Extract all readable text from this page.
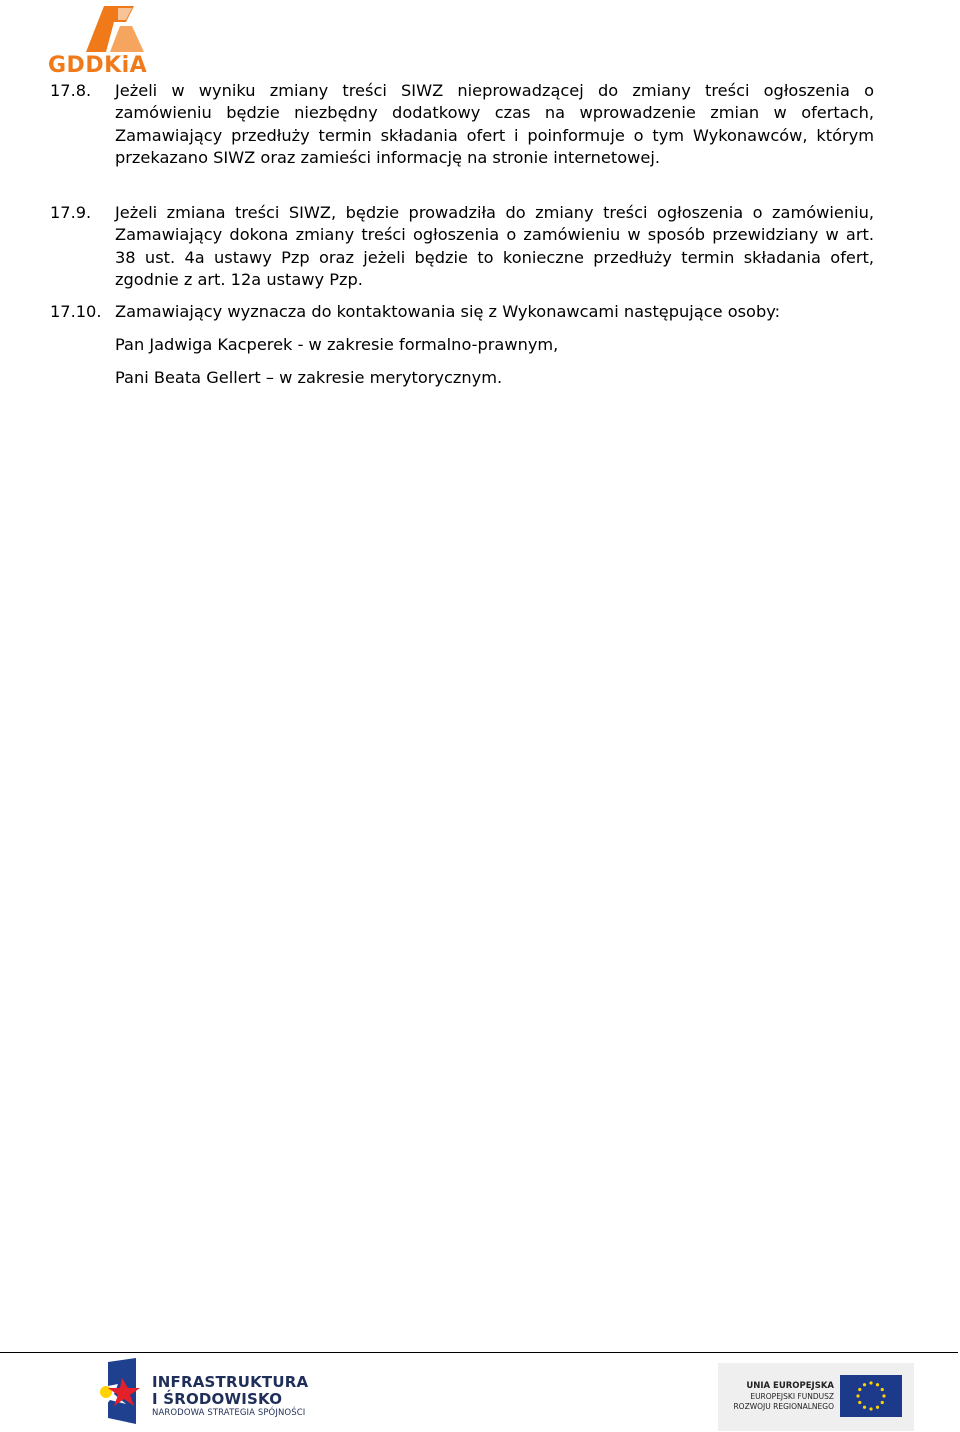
GDDKiA
17.8. Jeżeli w wyniku zmiany treści SIWZ nieprowadzącej do zmiany treści ogłoszenia o zamówieniu będzie niezbędny dodatkowy czas na wprowadzenie zmian w ofertach, Zamawiający przedłuży termin składania ofert i poinformuje o tym Wykonawców, którym przekazano SIWZ oraz zamieści informację na stronie internetowej.

17.9. Jeżeli zmiana treści SIWZ, będzie prowadziła do zmiany treści ogłoszenia o zamówieniu, Zamawiający dokona zmiany treści ogłoszenia o zamówieniu w sposób przewidziany w art. 38 ust. 4a ustawy Pzp oraz jeżeli będzie to konieczne przedłuży termin składania ofert, zgodnie z art. 12a ustawy Pzp.

17.10. Zamawiający wyznacza do kontaktowania się z Wykonawcami następujące osoby:

Pan Jadwiga Kacperek - w zakresie formalno-prawnym,
Pani Beata Gellert – w zakresie merytorycznym.
INFRASTRUKTURA
I ŚRODOWISKO
NARODOWA STRATEGIA SPÓJNOŚCI
UNIA EUROPEJSKA
EUROPEJSKI FUNDUSZ
ROZWOJU REGIONALNEGO
